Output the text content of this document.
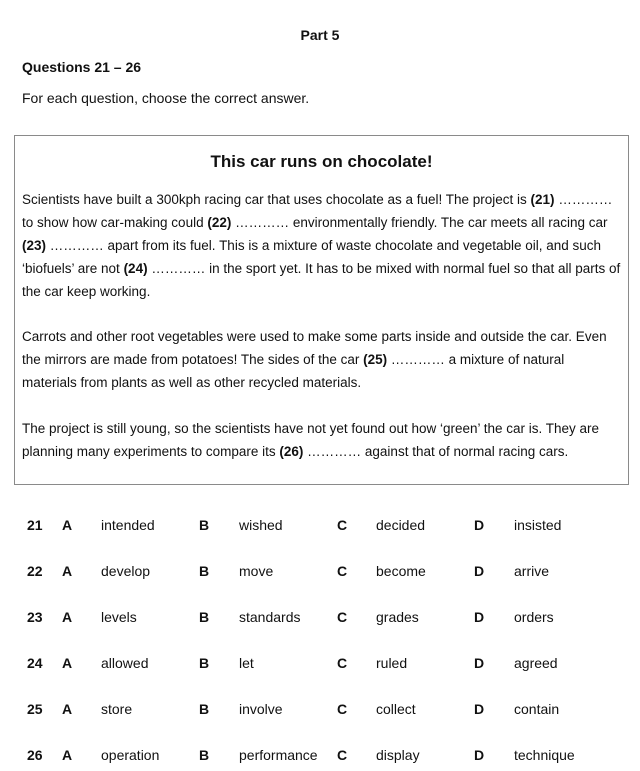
Part 5
Questions 21 – 26
For each question, choose the correct answer.
This car runs on chocolate!

Scientists have built a 300kph racing car that uses chocolate as a fuel! The project is (21) ………… to show how car-making could (22) ………… environmentally friendly. The car meets all racing car (23) ………… apart from its fuel. This is a mixture of waste chocolate and vegetable oil, and such ‘biofuels’ are not (24) ………… in the sport yet. It has to be mixed with normal fuel so that all parts of the car keep working.

Carrots and other root vegetables were used to make some parts inside and outside the car. Even the mirrors are made from potatoes! The sides of the car (25) ………… a mixture of natural materials from plants as well as other recycled materials.

The project is still young, so the scientists have not yet found out how ‘green’ the car is. They are planning many experiments to compare its (26) ………… against that of normal racing cars.

21 A intended	B wished	C decided	D insisted
22 A develop	B move	C become	D arrive
23 A levels	B standards	C grades	D orders
24 A allowed	B let	C ruled	D agreed
25 A store	B involve	C collect	D contain
26 A operation	B performance C display	D technique
